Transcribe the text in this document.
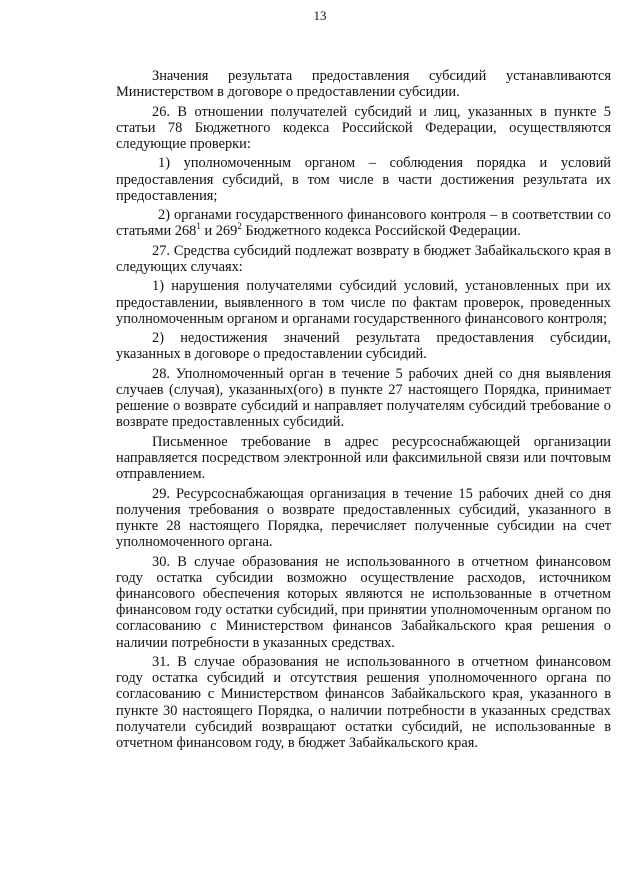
13

Значения результата предоставления субсидий устанавливаются Министерством в договоре о предоставлении субсидии.

26. В отношении получателей субсидий и лиц, указанных в пункте 5 статьи 78 Бюджетного кодекса Российской Федерации, осуществляются следующие проверки:

1) уполномоченным органом – соблюдения порядка и условий предоставления субсидий, в том числе в части достижения результата их предоставления;

2) органами государственного финансового контроля – в соответствии со статьями $268^1$ и $269^2$ Бюджетного кодекса Российской Федерации.

27. Средства субсидий подлежат возврату в бюджет Забайкальского края в следующих случаях:

1) нарушения получателями субсидий условий, установленных при их предоставлении, выявленного в том числе по фактам проверок, проведенных уполномоченным органом и органами государственного финансового контроля;

2) недостижения значений результата предоставления субсидии, указанных в договоре о предоставлении субсидий.

28. Уполномоченный орган в течение 5 рабочих дней со дня выявления случаев (случая), указанных(ого) в пункте 27 настоящего Порядка, принимает решение о возврате субсидий и направляет получателям субсидий требование о возврате предоставленных субсидий.

Письменное требование в адрес ресурсоснабжающей организации направляется посредством электронной или факсимильной связи или почтовым отправлением.

29. Ресурсоснабжающая организация в течение 15 рабочих дней со дня получения требования о возврате предоставленных субсидий, указанного в пункте 28 настоящего Порядка, перечисляет полученные субсидии на счет уполномоченного органа.

30. В случае образования не использованного в отчетном финансовом году остатка субсидии возможно осуществление расходов, источником финансового обеспечения которых являются не использованные в отчетном финансовом году остатки субсидий, при принятии уполномоченным органом по согласованию с Министерством финансов Забайкальского края решения о наличии потребности в указанных средствах.

31. В случае образования не использованного в отчетном финансовом году остатка субсидий и отсутствия решения уполномоченного органа по согласованию с Министерством финансов Забайкальского края, указанного в пункте 30 настоящего Порядка, о наличии потребности в указанных средствах получатели субсидий возвращают остатки субсидий, не использованные в отчетном финансовом году, в бюджет Забайкальского края.
